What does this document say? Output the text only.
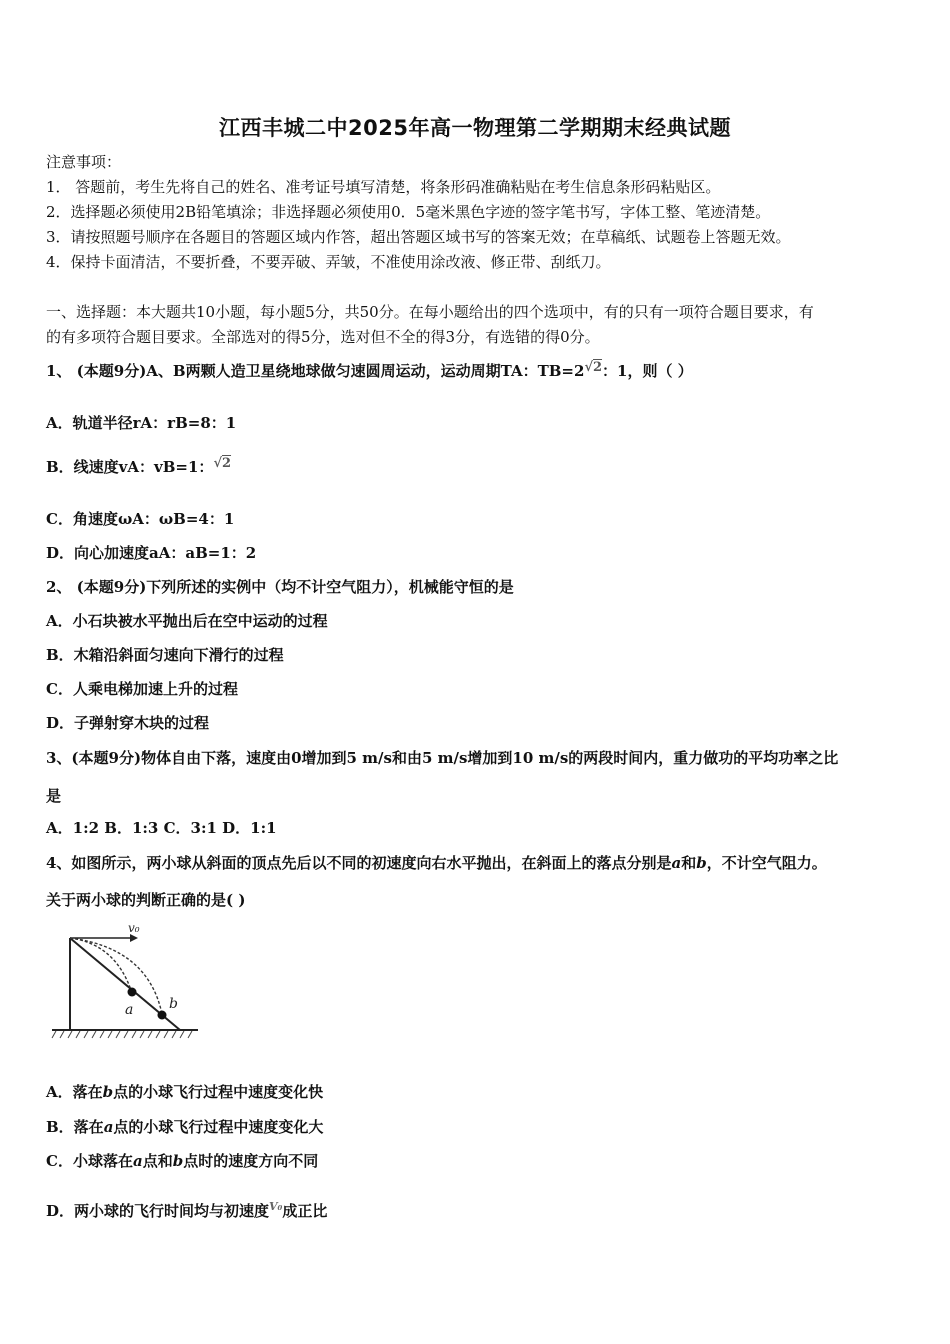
江西丰城二中2025年高一物理第二学期期末经典试题
注意事项：
1． 答题前，考生先将自己的姓名、准考证号填写清楚，将条形码准确粘贴在考生信息条形码粘贴区。
2．选择题必须使用2B铅笔填涂；非选择题必须使用0．5毫米黑色字迹的签字笔书写，字体工整、笔迹清楚。
3．请按照题号顺序在各题目的答题区域内作答，超出答题区域书写的答案无效；在草稿纸、试题卷上答题无效。
4．保持卡面清洁，不要折叠，不要弄破、弄皱，不准使用涂改液、修正带、刮纸刀。
一、选择题：本大题共10小题，每小题5分，共50分。在每小题给出的四个选项中，有的只有一项符合题目要求，有
的有多项符合题目要求。全部选对的得5分，选对但不全的得3分，有选错的得0分。
1、 (本题9分)A、B两颗人造卫星绕地球做匀速圆周运动，运动周期TA：TB=2√2：1，则（ ）
A．轨道半径rA：rB=8：1
B．线速度vA：vB=1：√2
C．角速度ωA：ωB=4：1
D．向心加速度aA：aB=1：2
2、 (本题9分)下列所述的实例中（均不计空气阻力），机械能守恒的是
A．小石块被水平抛出后在空中运动的过程
B．木箱沿斜面匀速向下滑行的过程
C．人乘电梯加速上升的过程
D．子弹射穿木块的过程
3、(本题9分)物体自由下落，速度由0增加到5 m/s和由5 m/s增加到10 m/s的两段时间内，重力做功的平均功率之比
是
A．1:2 B．1:3 C．3:1 D．1:1
4、如图所示，两小球从斜面的顶点先后以不同的初速度向右水平抛出，在斜面上的落点分别是a和b，不计空气阻力。
关于两小球的判断正确的是( )
v₀
a	b
A．落在b点的小球飞行过程中速度变化快
B．落在a点的小球飞行过程中速度变化大
C．小球落在a点和b点时的速度方向不同
D．两小球的飞行时间均与初速度$^{V_0}$成正比
